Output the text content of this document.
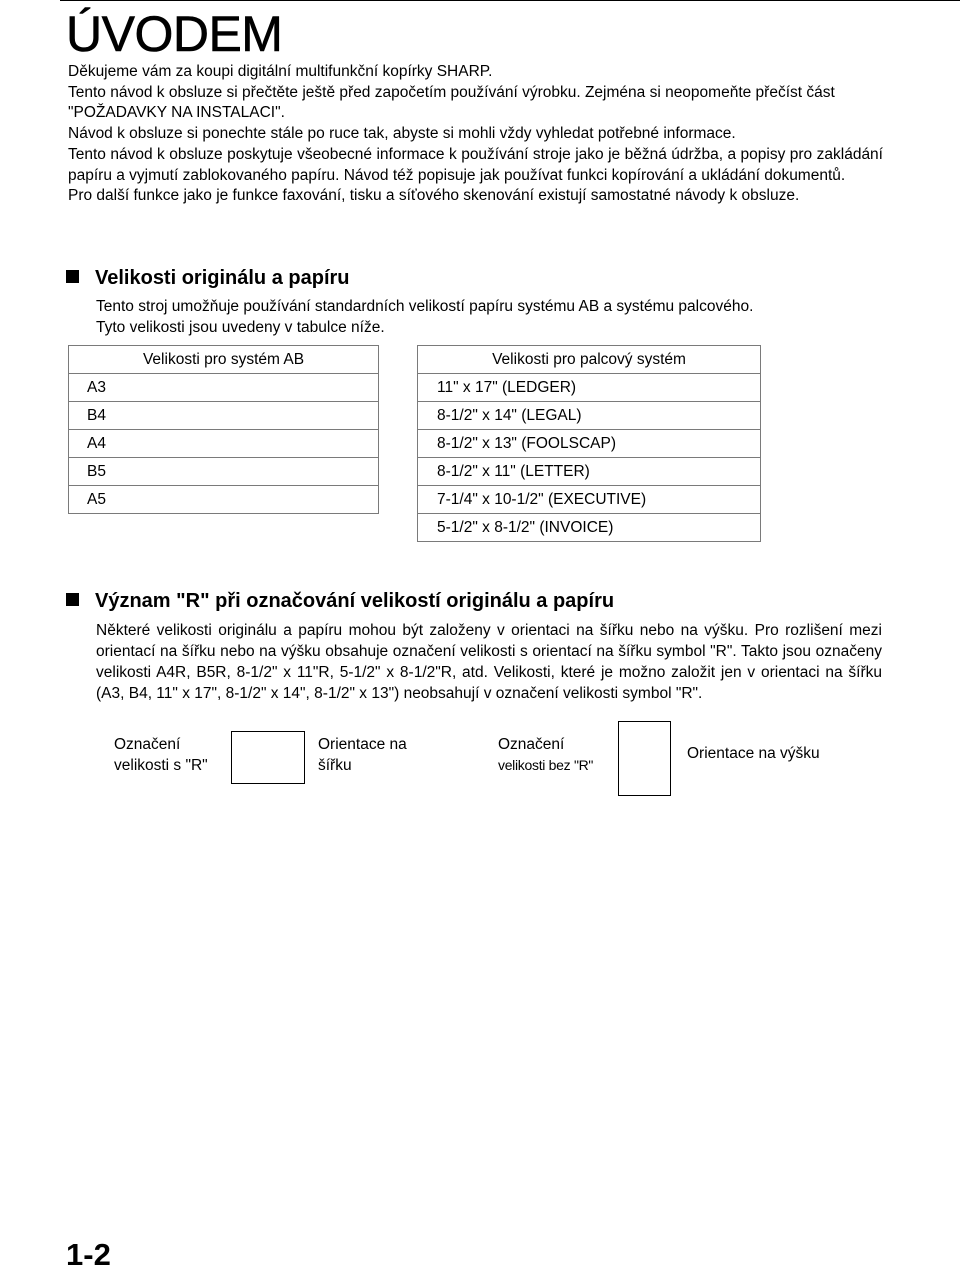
ÚVODEM

Děkujeme vám za koupi digitální multifunkční kopírky SHARP.

Tento návod k obsluze si přečtěte ještě před započetím používání výrobku. Zejména si neopomeňte přečíst část "POŽADAVKY NA INSTALACI".

Návod k obsluze si ponechte stále po ruce tak, abyste si mohli vždy vyhledat potřebné informace.

Tento návod k obsluze poskytuje všeobecné informace k používání stroje jako je běžná údržba, a popisy pro zakládání papíru a vyjmutí zablokovaného papíru. Návod též popisuje jak používat funkci kopírování a ukládání dokumentů.

Pro další funkce jako je funkce faxování, tisku a síťového skenování existují samostatné návody k obsluze.

Velikosti originálu a papíru

Tento stroj umožňuje používání standardních velikostí papíru systému AB a systému palcového.

Tyto velikosti jsou uvedeny v tabulce níže.

Velikosti pro systém AB
A3
B4
A4
B5
A5
Velikosti pro palcový systém
11" x 17" (LEDGER)
8-1/2" x 14" (LEGAL)
8-1/2" x 13" (FOOLSCAP)
8-1/2" x 11" (LETTER)
7-1/4" x 10-1/2" (EXECUTIVE)
5-1/2" x 8-1/2" (INVOICE)
Význam "R" při označování velikostí originálu a papíru
Některé velikosti originálu a papíru mohou být založeny v orientaci na šířku nebo na výšku. Pro rozlišení mezi orientací na šířku nebo na výšku obsahuje označení velikosti s orientací na šířku symbol "R". Takto jsou označeny velikosti A4R, B5R, 8-1/2" x 11"R, 5-1/2" x 8-1/2"R, atd. Velikosti, které je možno založit jen v orientaci na šířku (A3, B4, 11" x 17", 8-1/2" x 14", 8-1/2" x 13") neobsahují v označení velikosti symbol "R".
Označení
velikosti s "R"
Orientace na
šířku
Označení
velikosti bez "R"
Orientace na výšku
1-2
